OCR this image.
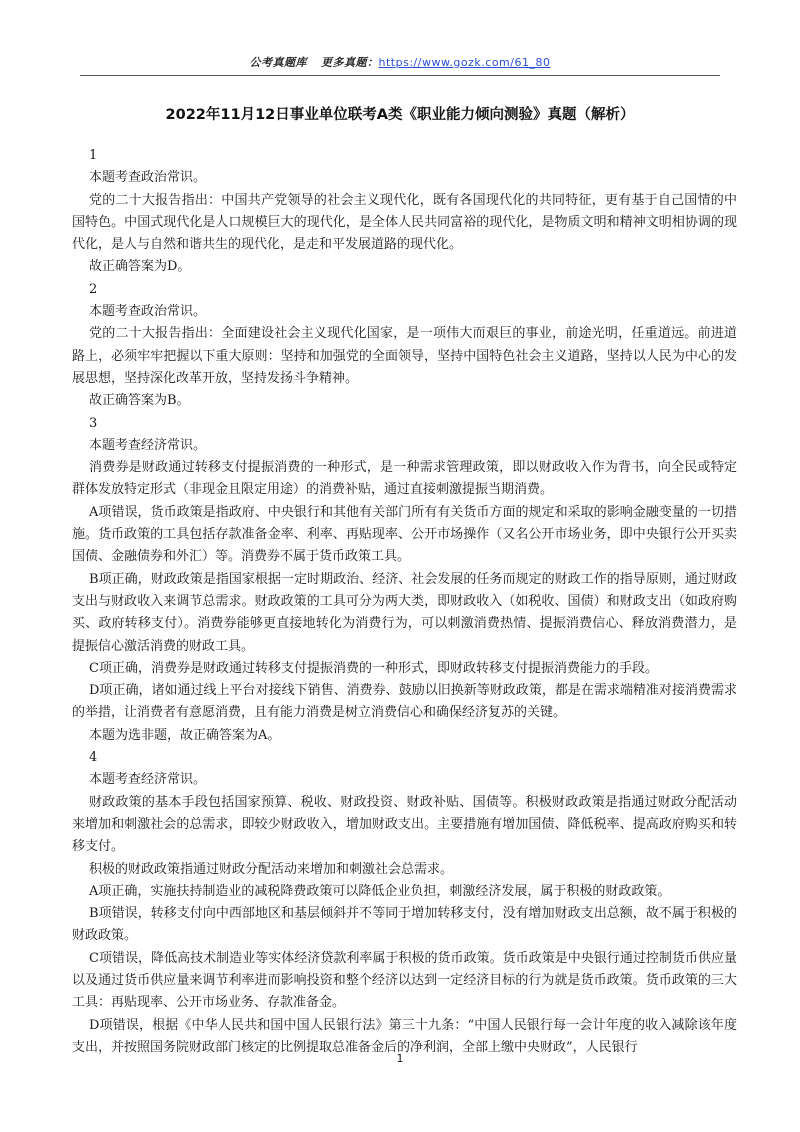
公考真题库 更多真题：https://www.gozk.com/61_80
2022年11月12日事业单位联考A类《职业能力倾向测验》真题（解析）

1

本题考查政治常识。

党的二十大报告指出：中国共产党领导的社会主义现代化，既有各国现代化的共同特征，更有基于自己国情的中国特色。中国式现代化是人口规模巨大的现代化，是全体人民共同富裕的现代化，是物质文明和精神文明相协调的现代化，是人与自然和谐共生的现代化，是走和平发展道路的现代化。

故正确答案为D。

2

本题考查政治常识。

党的二十大报告指出：全面建设社会主义现代化国家，是一项伟大而艰巨的事业，前途光明，任重道远。前进道路上，必须牢牢把握以下重大原则：坚持和加强党的全面领导，坚持中国特色社会主义道路，坚持以人民为中心的发展思想，坚持深化改革开放，坚持发扬斗争精神。

故正确答案为B。

3

本题考查经济常识。

消费券是财政通过转移支付提振消费的一种形式，是一种需求管理政策，即以财政收入作为背书，向全民或特定群体发放特定形式（非现金且限定用途）的消费补贴，通过直接刺激提振当期消费。

A项错误，货币政策是指政府、中央银行和其他有关部门所有有关货币方面的规定和采取的影响金融变量的一切措施。货币政策的工具包括存款准备金率、利率、再贴现率、公开市场操作（又名公开市场业务，即中央银行公开买卖国债、金融债券和外汇）等。消费券不属于货币政策工具。

B项正确，财政政策是指国家根据一定时期政治、经济、社会发展的任务而规定的财政工作的指导原则，通过财政支出与财政收入来调节总需求。财政政策的工具可分为两大类，即财政收入（如税收、国债）和财政支出（如政府购买、政府转移支付）。消费券能够更直接地转化为消费行为，可以刺激消费热情、提振消费信心、释放消费潜力，是提振信心激活消费的财政工具。

C项正确，消费券是财政通过转移支付提振消费的一种形式，即财政转移支付提振消费能力的手段。

D项正确，诸如通过线上平台对接线下销售、消费券、鼓励以旧换新等财政政策，都是在需求端精准对接消费需求的举措，让消费者有意愿消费，且有能力消费是树立消费信心和确保经济复苏的关键。

本题为选非题，故正确答案为A。

4

本题考查经济常识。

财政政策的基本手段包括国家预算、税收、财政投资、财政补贴、国债等。积极财政政策是指通过财政分配活动来增加和刺激社会的总需求，即较少财政收入，增加财政支出。主要措施有增加国债、降低税率、提高政府购买和转移支付。

积极的财政政策指通过财政分配活动来增加和刺激社会总需求。

A项正确，实施扶持制造业的减税降费政策可以降低企业负担，刺激经济发展，属于积极的财政政策。

B项错误，转移支付向中西部地区和基层倾斜并不等同于增加转移支付，没有增加财政支出总额，故不属于积极的财政政策。

C项错误，降低高技术制造业等实体经济贷款利率属于积极的货币政策。货币政策是中央银行通过控制货币供应量以及通过货币供应量来调节利率进而影响投资和整个经济以达到一定经济目标的行为就是货币政策。货币政策的三大工具：再贴现率、公开市场业务、存款准备金。

D项错误，根据《中华人民共和国中国人民银行法》第三十九条：“中国人民银行每一会计年度的收入减除该年度支出，并按照国务院财政部门核定的比例提取总准备金后的净利润，全部上缴中央财政”，人民银行

1
